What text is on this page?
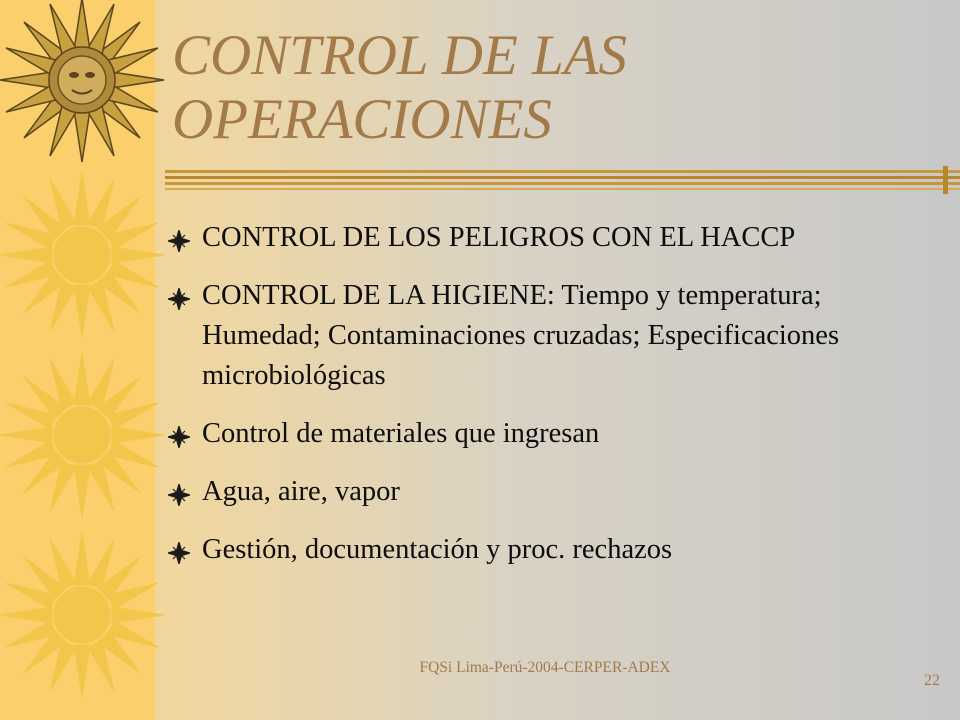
CONTROL DE LAS
OPERACIONES
CONTROL DE LOS PELIGROS CON EL HACCP
CONTROL DE LA HIGIENE: Tiempo y temperatura; Humedad; Contaminaciones cruzadas; Especificaciones microbiológicas
Control de materiales que ingresan
Agua, aire, vapor
Gestión, documentación y proc. rechazos
FQSi Lima-Perú-2004-CERPER-ADEX
22
